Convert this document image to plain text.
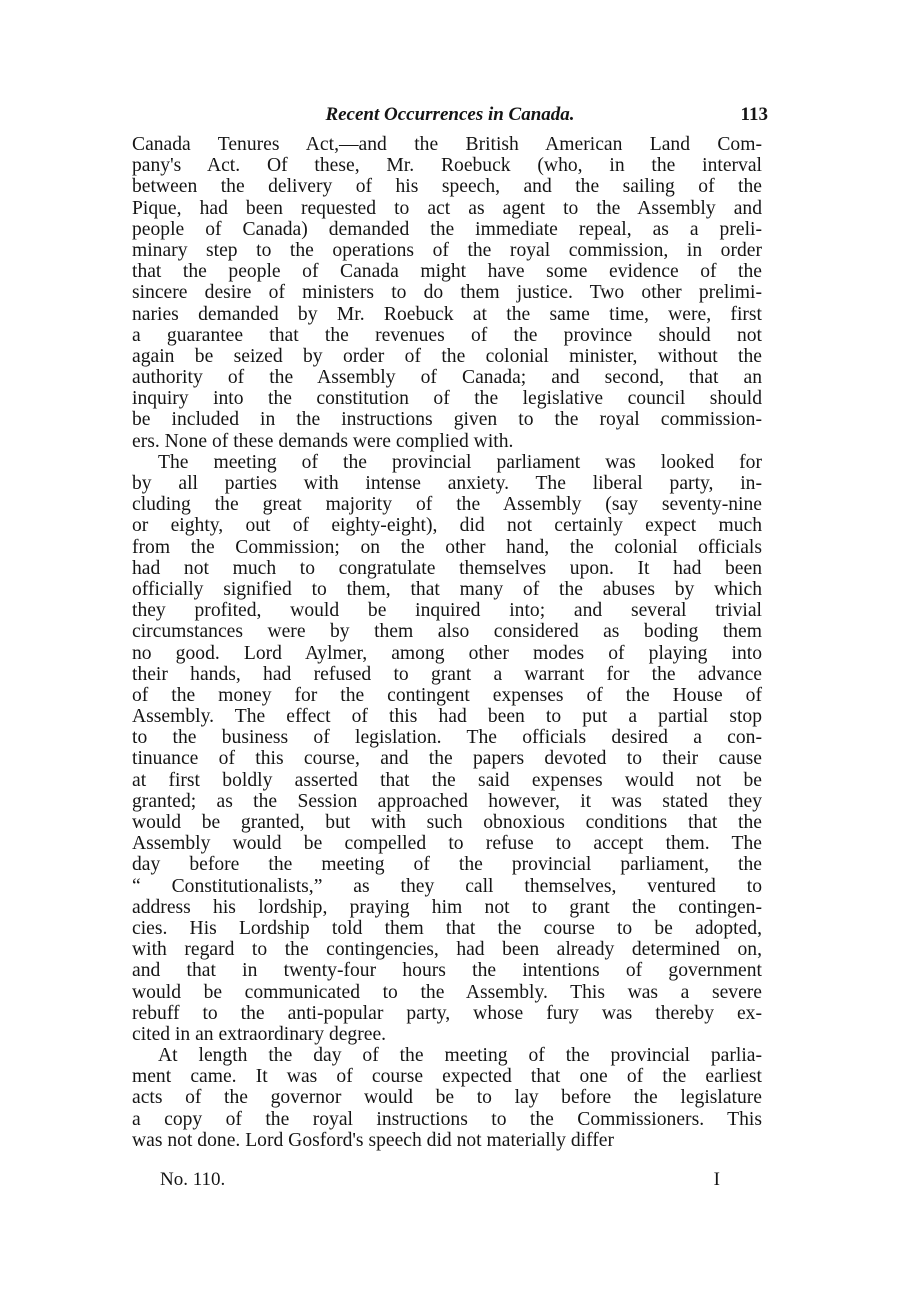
Recent Occurrences in Canada.	113
Canada Tenures Act,—and the British American Land Com-
pany's Act. Of these, Mr. Roebuck (who, in the interval
between the delivery of his speech, and the sailing of the
Pique, had been requested to act as agent to the Assembly and
people of Canada) demanded the immediate repeal, as a preli-
minary step to the operations of the royal commission, in order
that the people of Canada might have some evidence of the
sincere desire of ministers to do them justice. Two other prelimi-
naries demanded by Mr. Roebuck at the same time, were, first
a guarantee that the revenues of the province should not
again be seized by order of the colonial minister, without the
authority of the Assembly of Canada; and second, that an
inquiry into the constitution of the legislative council should
be included in the instructions given to the royal commission-
ers. None of these demands were complied with.
The meeting of the provincial parliament was looked for
by all parties with intense anxiety. The liberal party, in-
cluding the great majority of the Assembly (say seventy-nine
or eighty, out of eighty-eight), did not certainly expect much
from the Commission; on the other hand, the colonial officials
had not much to congratulate themselves upon. It had been
officially signified to them, that many of the abuses by which
they profited, would be inquired into; and several trivial
circumstances were by them also considered as boding them
no good. Lord Aylmer, among other modes of playing into
their hands, had refused to grant a warrant for the advance
of the money for the contingent expenses of the House of
Assembly. The effect of this had been to put a partial stop
to the business of legislation. The officials desired a con-
tinuance of this course, and the papers devoted to their cause
at first boldly asserted that the said expenses would not be
granted; as the Session approached however, it was stated they
would be granted, but with such obnoxious conditions that the
Assembly would be compelled to refuse to accept them. The
day before the meeting of the provincial parliament, the
“ Constitutionalists,” as they call themselves, ventured to
address his lordship, praying him not to grant the contingen-
cies. His Lordship told them that the course to be adopted,
with regard to the contingencies, had been already determined on,
and that in twenty-four hours the intentions of government
would be communicated to the Assembly. This was a severe
rebuff to the anti-popular party, whose fury was thereby ex-
cited in an extraordinary degree.
At length the day of the meeting of the provincial parlia-
ment came. It was of course expected that one of the earliest
acts of the governor would be to lay before the legislature
a copy of the royal instructions to the Commissioners. This
was not done. Lord Gosford's speech did not materially differ
No. 110.	I
